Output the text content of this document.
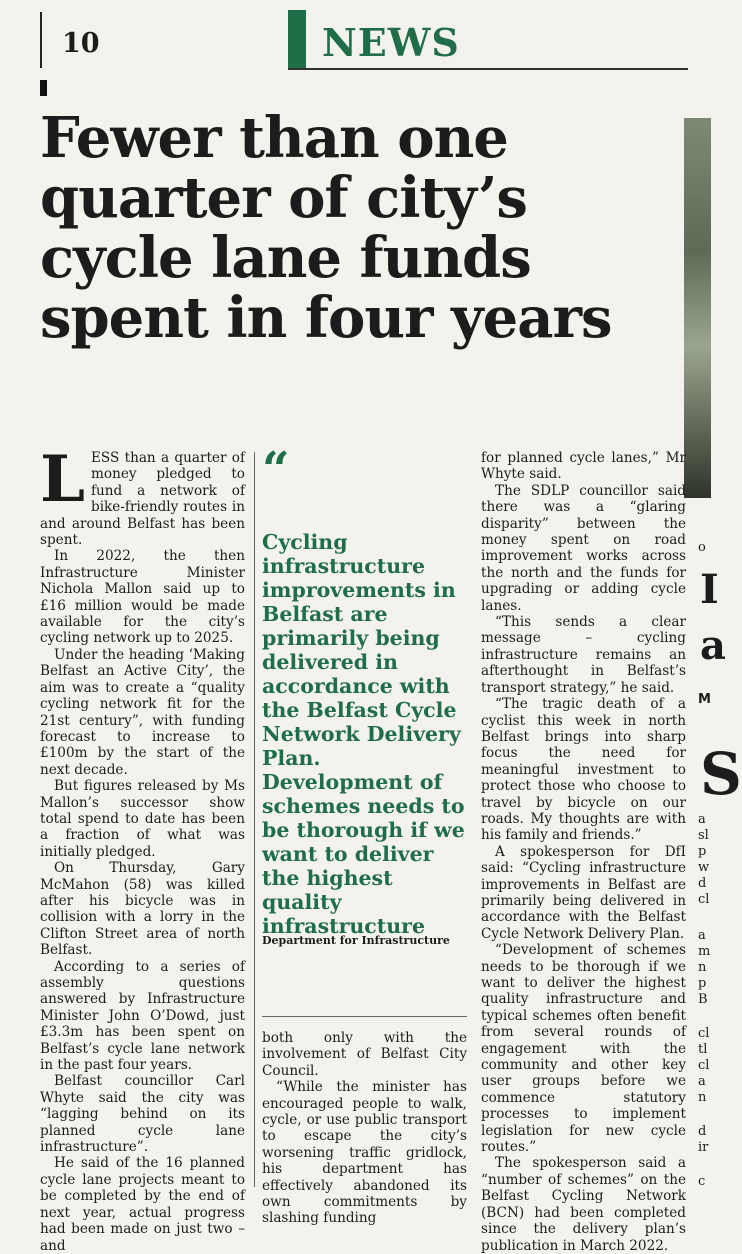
10	NEWS
Fewer than one
quarter of city’s
cycle lane funds
spent in four years

LESS than a quarter of money pledged to fund a network of bike-friendly routes in and around Belfast has been spent.

In 2022, the then Infrastructure Minister Nichola Mallon said up to £16 million would be made available for the city’s cycling network up to 2025.

Under the heading ‘Making Belfast an Active City’, the aim was to create a “quality cycling network fit for the 21st century”, with funding forecast to increase to £100m by the start of the next decade.

But figures released by Ms Mallon’s successor show total spend to date has been a fraction of what was initially pledged.

On Thursday, Gary McMahon (58) was killed after his bicycle was in collision with a lorry in the Clifton Street area of north Belfast.

According to a series of assembly questions answered by Infrastructure Minister John O’Dowd, just £3.3m has been spent on Belfast’s cycle lane network in the past four years.

Belfast councillor Carl Whyte said the city was “lagging behind on its planned cycle lane infrastructure”.

He said of the 16 planned cycle lane projects meant to be completed by the end of next year, actual progress had been made on just two – and

“

Cycling infrastructure improvements in Belfast are primarily being delivered in accordance with the Belfast Cycle Network Delivery Plan. Development of schemes needs to be thorough if we want to deliver the highest quality infrastructure

Department for Infrastructure

both only with the involvement of Belfast City Council.

“While the minister has encouraged people to walk, cycle, or use public transport to escape the city’s worsening traffic gridlock, his department has effectively abandoned its own commitments by slashing funding

for planned cycle lanes,” Mr Whyte said.

The SDLP councillor said there was a “glaring disparity” between the money spent on road improvement works across the north and the funds for upgrading or adding cycle lanes.

“This sends a clear message – cycling infrastructure remains an afterthought in Belfast’s transport strategy,” he said.

“The tragic death of a cyclist this week in north Belfast brings into sharp focus the need for meaningful investment to protect those who choose to travel by bicycle on our roads. My thoughts are with his family and friends.”

A spokesperson for DfI said: “Cycling infrastructure improvements in Belfast are primarily being delivered in accordance with the Belfast Cycle Network Delivery Plan.

“Development of schemes needs to be thorough if we want to deliver the highest quality infrastructure and typical schemes often benefit from several rounds of engagement with the community and other key user groups before we commence statutory processes to implement legislation for new cycle routes.”

The spokesperson said a “number of schemes” on the Belfast Cycling Network (BCN) had been completed since the delivery plan’s publication in March 2022.

o
I
a
M
S
a
sl
p
w
d
cl
a
m
n
p
B
cl
tl
cl
a
n
d
ir
c
